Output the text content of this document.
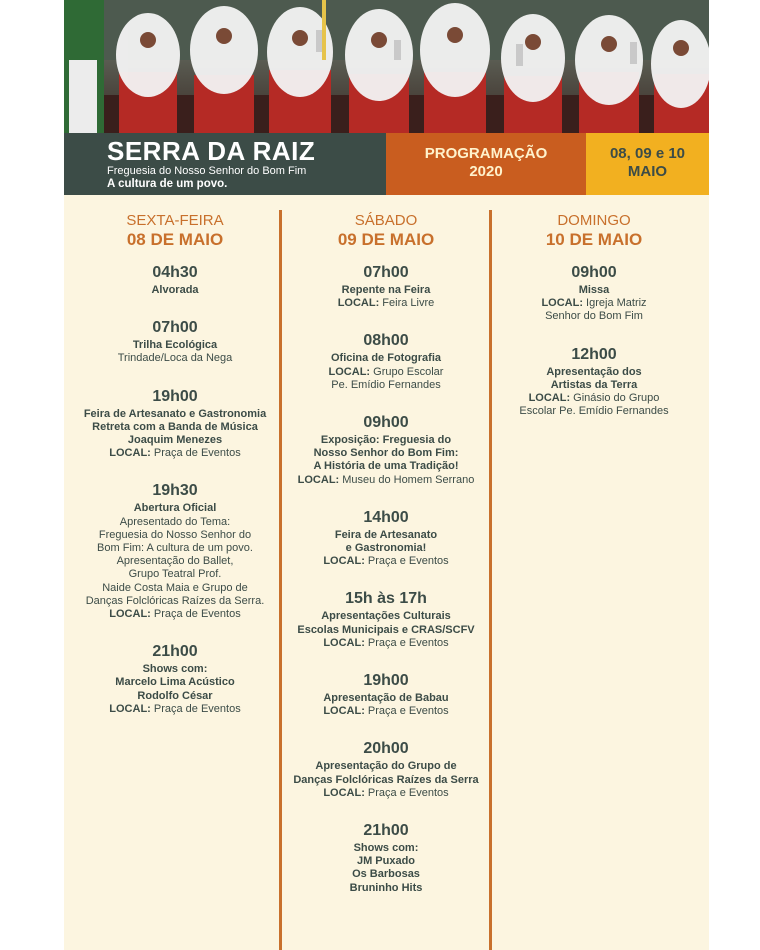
SERRA DA RAIZ
Freguesia do Nosso Senhor do Bom Fim
A cultura de um povo.
PROGRAMAÇÃO
2020
08, 09 e 10
MAIO
SEXTA-FEIRA
08 DE MAIO
04h30
Alvorada
07h00
Trilha Ecológica
Trindade/Loca da Nega
19h00
Feira de Artesanato e Gastronomia
Retreta com a Banda de Música
Joaquim Menezes
LOCAL: Praça de Eventos
19h30
Abertura Oficial
Apresentado do Tema:
Freguesia do Nosso Senhor do
Bom Fim: A cultura de um povo.
Apresentação do Ballet,
Grupo Teatral Prof.
Naide Costa Maia e Grupo de
Danças Folclóricas Raízes da Serra.
LOCAL: Praça de Eventos
21h00
Shows com:
Marcelo Lima Acústico
Rodolfo César
LOCAL: Praça de Eventos
SÁBADO
09 DE MAIO
07h00
Repente na Feira
LOCAL: Feira Livre
08h00
Oficina de Fotografia
LOCAL: Grupo Escolar
Pe. Emídio Fernandes
09h00
Exposição: Freguesia do
Nosso Senhor do Bom Fim:
A História de uma Tradição!
LOCAL: Museu do Homem Serrano
14h00
Feira de Artesanato
e Gastronomia!
LOCAL: Praça e Eventos
15h às 17h
Apresentações Culturais
Escolas Municipais e CRAS/SCFV
LOCAL: Praça e Eventos
19h00
Apresentação de Babau
LOCAL: Praça e Eventos
20h00
Apresentação do Grupo de
Danças Folclóricas Raízes da Serra
LOCAL: Praça e Eventos
21h00
Shows com:
JM Puxado
Os Barbosas
Bruninho Hits
DOMINGO
10 DE MAIO
09h00
Missa
LOCAL: Igreja Matriz
Senhor do Bom Fim
12h00
Apresentação dos
Artistas da Terra
LOCAL: Ginásio do Grupo
Escolar Pe. Emídio Fernandes
